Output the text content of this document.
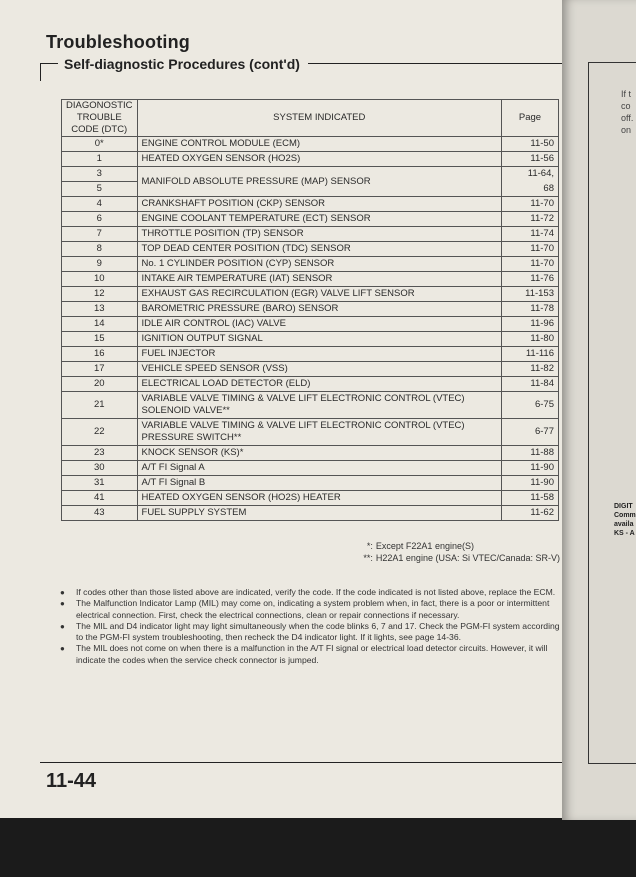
If t
co
off.
on
DIGIT
Comm
availa
KS - A
Troubleshooting
Self-diagnostic Procedures (cont'd)
DIAGONOSTIC TROUBLE CODE (DTC)	SYSTEM INDICATED	Page
0*	ENGINE CONTROL MODULE (ECM)	11-50
1	HEATED OXYGEN SENSOR (HO2S)	11-56
3	MANIFOLD ABSOLUTE PRESSURE (MAP) SENSOR	11-64,
5		68
4	CRANKSHAFT POSITION (CKP) SENSOR	11-70
6	ENGINE COOLANT TEMPERATURE (ECT) SENSOR	11-72
7	THROTTLE POSITION (TP) SENSOR	11-74
8	TOP DEAD CENTER POSITION (TDC) SENSOR	11-70
9	No. 1 CYLINDER POSITION (CYP) SENSOR	11-70
10	INTAKE AIR TEMPERATURE (IAT) SENSOR	11-76
12	EXHAUST GAS RECIRCULATION (EGR) VALVE LIFT SENSOR	11-153
13	BAROMETRIC PRESSURE (BARO) SENSOR	11-78
14	IDLE AIR CONTROL (IAC) VALVE	11-96
15	IGNITION OUTPUT SIGNAL	11-80
16	FUEL INJECTOR	11-116
17	VEHICLE SPEED SENSOR (VSS)	11-82
20	ELECTRICAL LOAD DETECTOR (ELD)	11-84
21	VARIABLE VALVE TIMING & VALVE LIFT ELECTRONIC CONTROL (VTEC) SOLENOID VALVE**	6-75
22	VARIABLE VALVE TIMING & VALVE LIFT ELECTRONIC CONTROL (VTEC) PRESSURE SWITCH**	6-77
23	KNOCK SENSOR (KS)*	11-88
30	A/T FI Signal A	11-90
31	A/T FI Signal B	11-90
41	HEATED OXYGEN SENSOR (HO2S) HEATER	11-58
43	FUEL SUPPLY SYSTEM	11-62
*: Except F22A1 engine(S)
**: H22A1 engine (USA: Si VTEC/Canada: SR-V)
● If codes other than those listed above are indicated, verify the code. If the code indicated is not listed above, replace the ECM.
● The Malfunction Indicator Lamp (MIL) may come on, indicating a system problem when, in fact, there is a poor or intermittent electrical connection. First, check the electrical connections, clean or repair connections if necessary.
● The MIL and D4 indicator light may light simultaneously when the code blinks 6, 7 and 17. Check the PGM-FI system according to the PGM-FI system troubleshooting, then recheck the D4 indicator light. If it lights, see page 14-36.
● The MIL does not come on when there is a malfunction in the A/T FI signal or electrical load detector circuits. However, it will indicate the codes when the service check connector is jumped.
11-44
